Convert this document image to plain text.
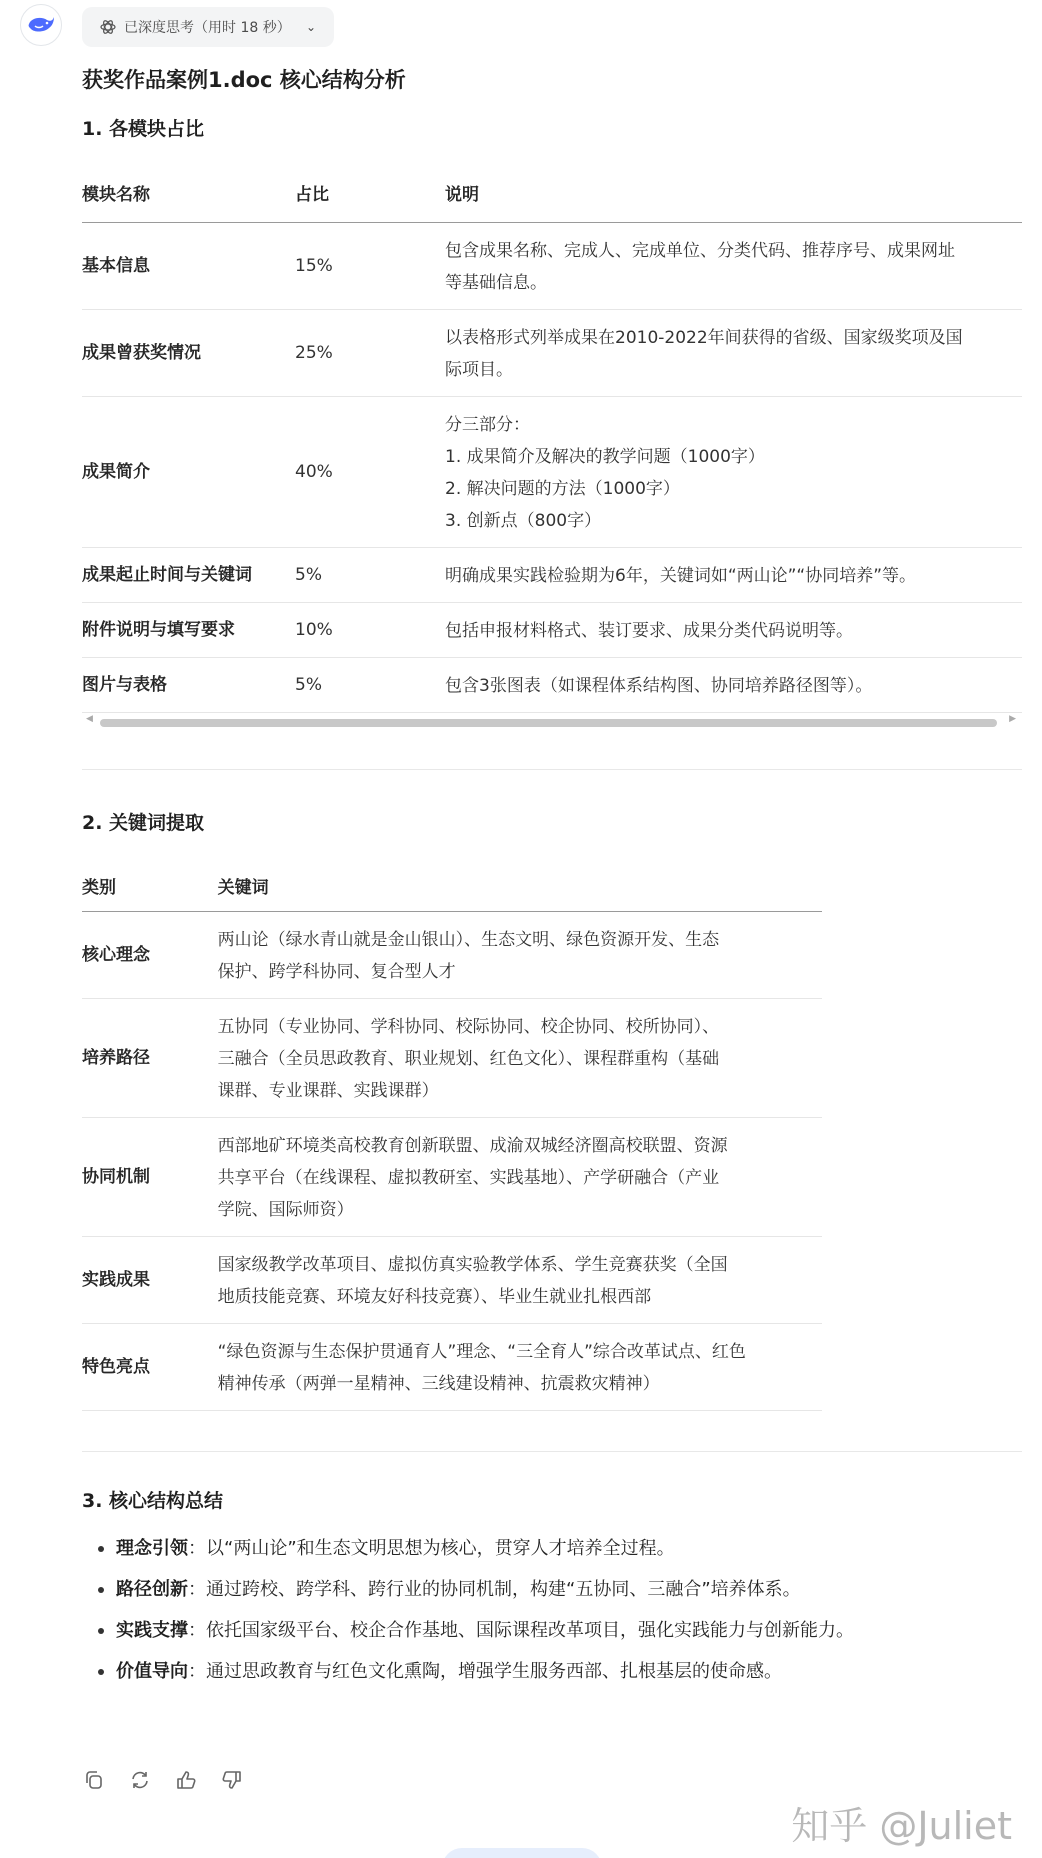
已深度思考（用时 18 秒） ⌄
获奖作品案例1.doc 核心结构分析
1. 各模块占比
模块名称	占比	说明
基本信息	15%	包含成果名称、完成人、完成单位、分类代码、推荐序号、成果网址
等基础信息。

成果曾获奖情况	25%	以表格形式列举成果在2010-2022年间获得的省级、国家级奖项及国
际项目。

成果简介	40%	分三部分：
1. 成果简介及解决的教学问题（1000字）
2. 解决问题的方法（1000字）
3. 创新点（800字）

成果起止时间与关键词	5%	明确成果实践检验期为6年，关键词如“两山论”“协同培养”等。

附件说明与填写要求	10%	包括申报材料格式、装订要求、成果分类代码说明等。

图片与表格	5%	包含3张图表（如课程体系结构图、协同培养路径图等）。
◀	▶
2. 关键词提取
类别	关键词
核心理念	两山论（绿水青山就是金山银山）、生态文明、绿色资源开发、生态
保护、跨学科协同、复合型人才

培养路径	五协同（专业协同、学科协同、校际协同、校企协同、校所协同）、
三融合（全员思政教育、职业规划、红色文化）、课程群重构（基础
课群、专业课群、实践课群）

协同机制	西部地矿环境类高校教育创新联盟、成渝双城经济圈高校联盟、资源
共享平台（在线课程、虚拟教研室、实践基地）、产学研融合（产业
学院、国际师资）

实践成果	国家级教学改革项目、虚拟仿真实验教学体系、学生竞赛获奖（全国
地质技能竞赛、环境友好科技竞赛）、毕业生就业扎根西部

特色亮点	“绿色资源与生态保护贯通育人”理念、“三全育人”综合改革试点、红色
精神传承（两弹一星精神、三线建设精神、抗震救灾精神）
3. 核心结构总结
理念引领：以“两山论”和生态文明思想为核心，贯穿人才培养全过程。
路径创新：通过跨校、跨学科、跨行业的协同机制，构建“五协同、三融合”培养体系。
实践支撑：依托国家级平台、校企合作基地、国际课程改革项目，强化实践能力与创新能力。
价值导向：通过思政教育与红色文化熏陶，增强学生服务西部、扎根基层的使命感。
知乎 @Juliet
